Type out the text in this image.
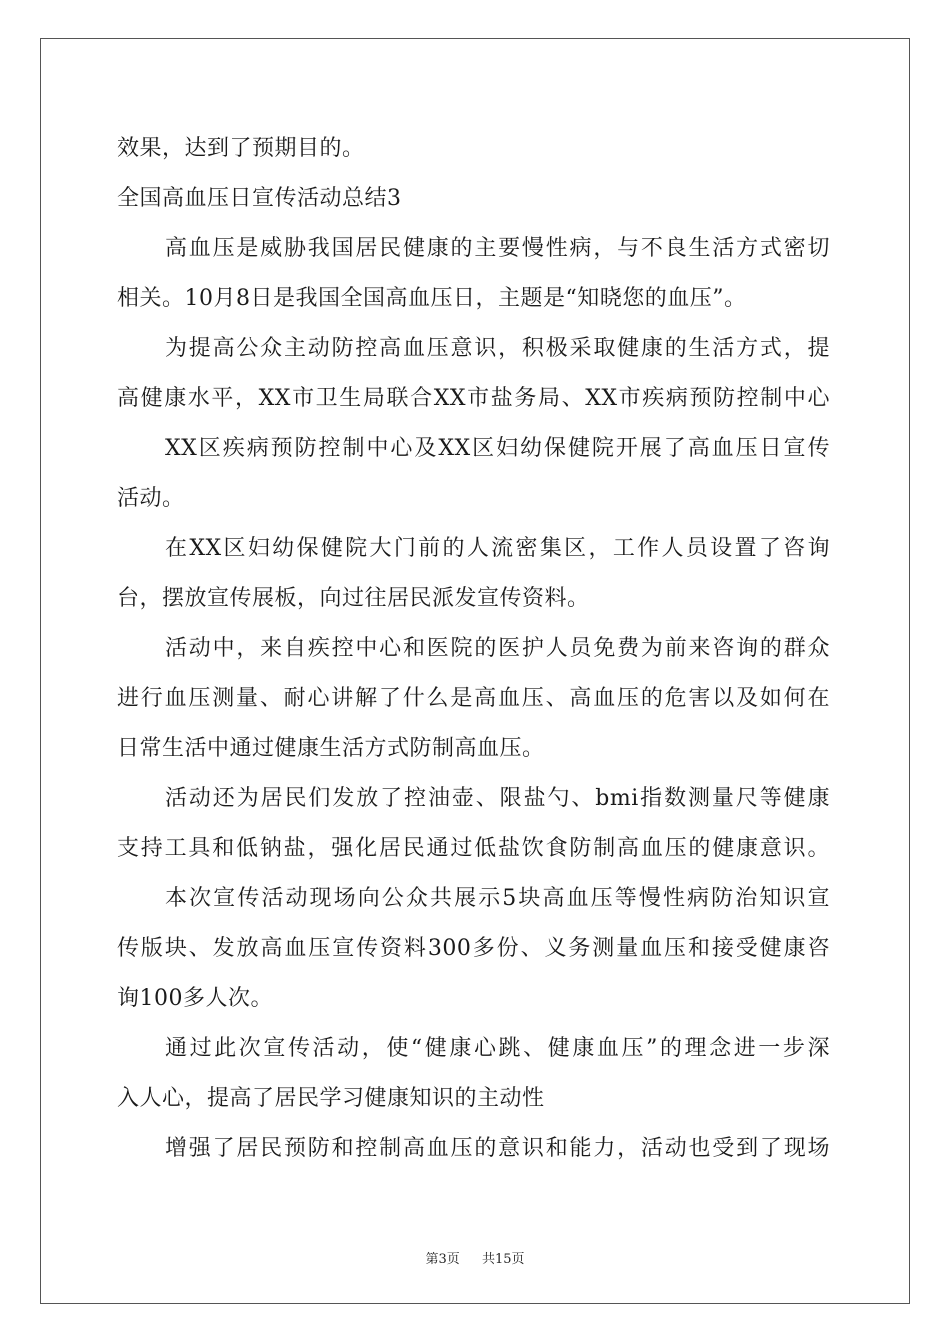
效果，达到了预期目的。
全国高血压日宣传活动总结3
高血压是威胁我国居民健康的主要慢性病，与不良生活方式密切
相关。10月8日是我国全国高血压日，主题是“知晓您的血压”。
为提高公众主动防控高血压意识，积极采取健康的生活方式，提
高健康水平，XX市卫生局联合XX市盐务局、XX市疾病预防控制中心
XX区疾病预防控制中心及XX区妇幼保健院开展了高血压日宣传
活动。
在XX区妇幼保健院大门前的人流密集区，工作人员设置了咨询
台，摆放宣传展板，向过往居民派发宣传资料。
活动中，来自疾控中心和医院的医护人员免费为前来咨询的群众
进行血压测量、耐心讲解了什么是高血压、高血压的危害以及如何在
日常生活中通过健康生活方式防制高血压。
活动还为居民们发放了控油壶、限盐勺、bmi指数测量尺等健康
支持工具和低钠盐，强化居民通过低盐饮食防制高血压的健康意识。
本次宣传活动现场向公众共展示5块高血压等慢性病防治知识宣
传版块、发放高血压宣传资料300多份、义务测量血压和接受健康咨
询100多人次。
通过此次宣传活动，使“健康心跳、健康血压”的理念进一步深
入人心，提高了居民学习健康知识的主动性
增强了居民预防和控制高血压的意识和能力，活动也受到了现场
第3页 共15页
